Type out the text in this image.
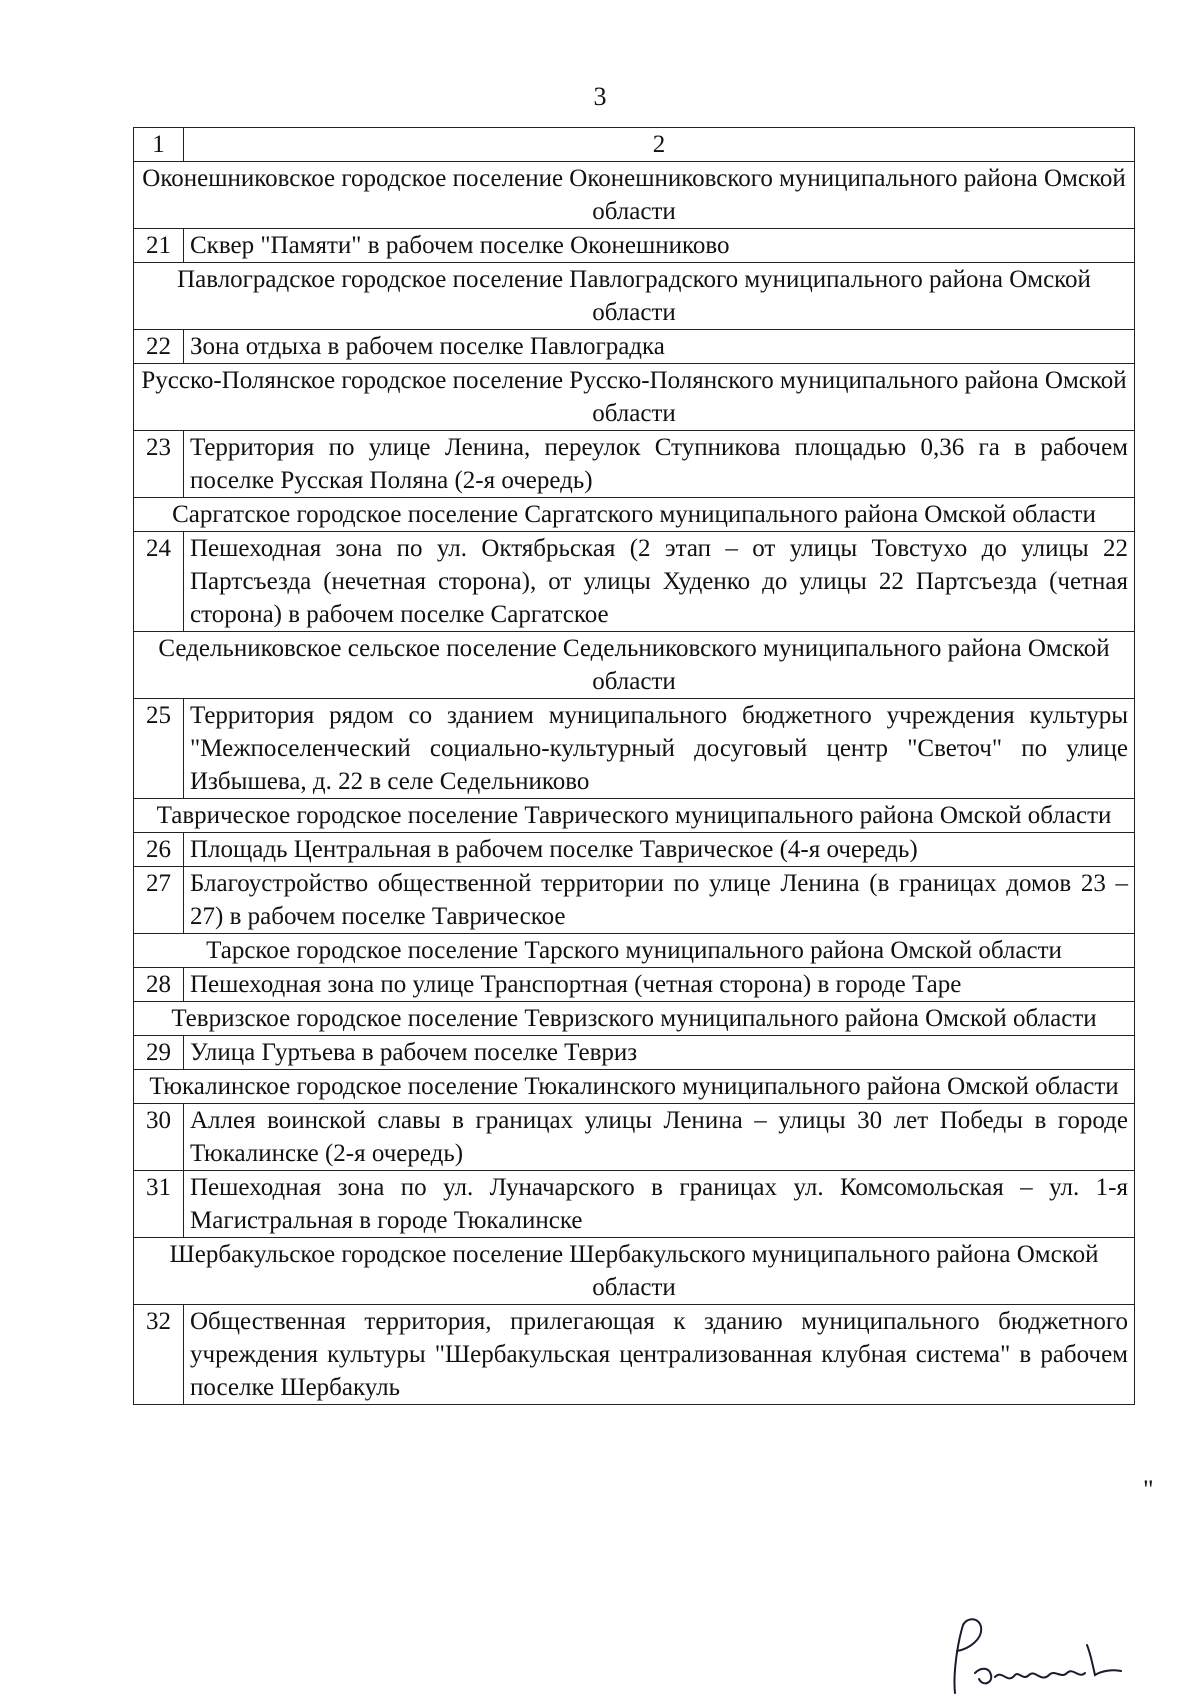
3
1	2
Оконешниковское городское поселение Оконешниковского муниципального района Омской области	
21	Сквер "Памяти" в рабочем поселке Оконешниково
Павлоградское городское поселение Павлоградского муниципального района Омской области	
22	Зона отдыха в рабочем поселке Павлоградка
Русско-Полянское городское поселение Русско-Полянского муниципального района Омской области	
23	Территория по улице Ленина, переулок Ступникова площадью 0,36 га в рабочем поселке Русская Поляна (2-я очередь)
Саргатское городское поселение Саргатского муниципального района Омской области	
24	Пешеходная зона по ул. Октябрьская (2 этап – от улицы Товстухо до улицы 22 Партсъезда (нечетная сторона), от улицы Худенко до улицы 22 Партсъезда (четная сторона) в рабочем поселке Саргатское
Седельниковское сельское поселение Седельниковского муниципального района Омской области	
25	Территория рядом со зданием муниципального бюджетного учреждения культуры "Межпоселенческий социально-культурный досуговый центр "Светоч" по улице Избышева, д. 22 в селе Седельниково
Таврическое городское поселение Таврического муниципального района Омской области	
26	Площадь Центральная в рабочем поселке Таврическое (4-я очередь)
27	Благоустройство общественной территории по улице Ленина (в границах домов 23 – 27) в рабочем поселке Таврическое
Тарское городское поселение Тарского муниципального района Омской области	
28	Пешеходная зона по улице Транспортная (четная сторона) в городе Таре
Тевризское городское поселение Тевризского муниципального района Омской области	
29	Улица Гуртьева в рабочем поселке Тевриз
Тюкалинское городское поселение Тюкалинского муниципального района Омской области	
30	Аллея воинской славы в границах улицы Ленина – улицы 30 лет Победы в городе Тюкалинске (2-я очередь)
31	Пешеходная зона по ул. Луначарского в границах ул. Комсомольская – ул. 1-я Магистральная в городе Тюкалинске
Шербакульское городское поселение Шербакульского муниципального района Омской области	
32	Общественная территория, прилегающая к зданию муниципального бюджетного учреждения культуры "Шербакульская централизованная клубная система" в рабочем поселке Шербакуль
"
